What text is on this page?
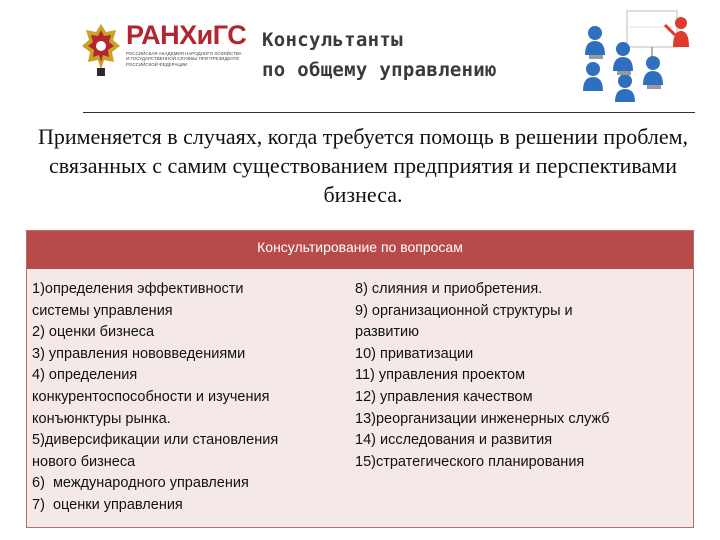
РАНХиГС
РОССИЙСКАЯ АКАДЕМИЯ НАРОДНОГО ХОЗЯЙСТВА И ГОСУДАРСТВЕННОЙ СЛУЖБЫ ПРИ ПРЕЗИДЕНТЕ РОССИЙСКОЙ ФЕДЕРАЦИИ
Консультанты
по общему управлению
Применяется в случаях, когда требуется помощь в решении проблем, связанных с самим существованием предприятия и перспективами бизнеса.
Консультирование по вопросам
1)определения эффективности
системы управления
2) оценки бизнеса
3) управления нововведениями
4) определения
конкурентоспособности и изучения
конъюнктуры рынка.
5)диверсификации или становления
нового бизнеса
6)  международного управления
7)  оценки управления
8) слияния и приобретения.
9) организационной структуры и
развитию
10) приватизации
11) управления проектом
12) управления качеством
13)реорганизации инженерных служб
14) исследования и развития
15)стратегического планирования
